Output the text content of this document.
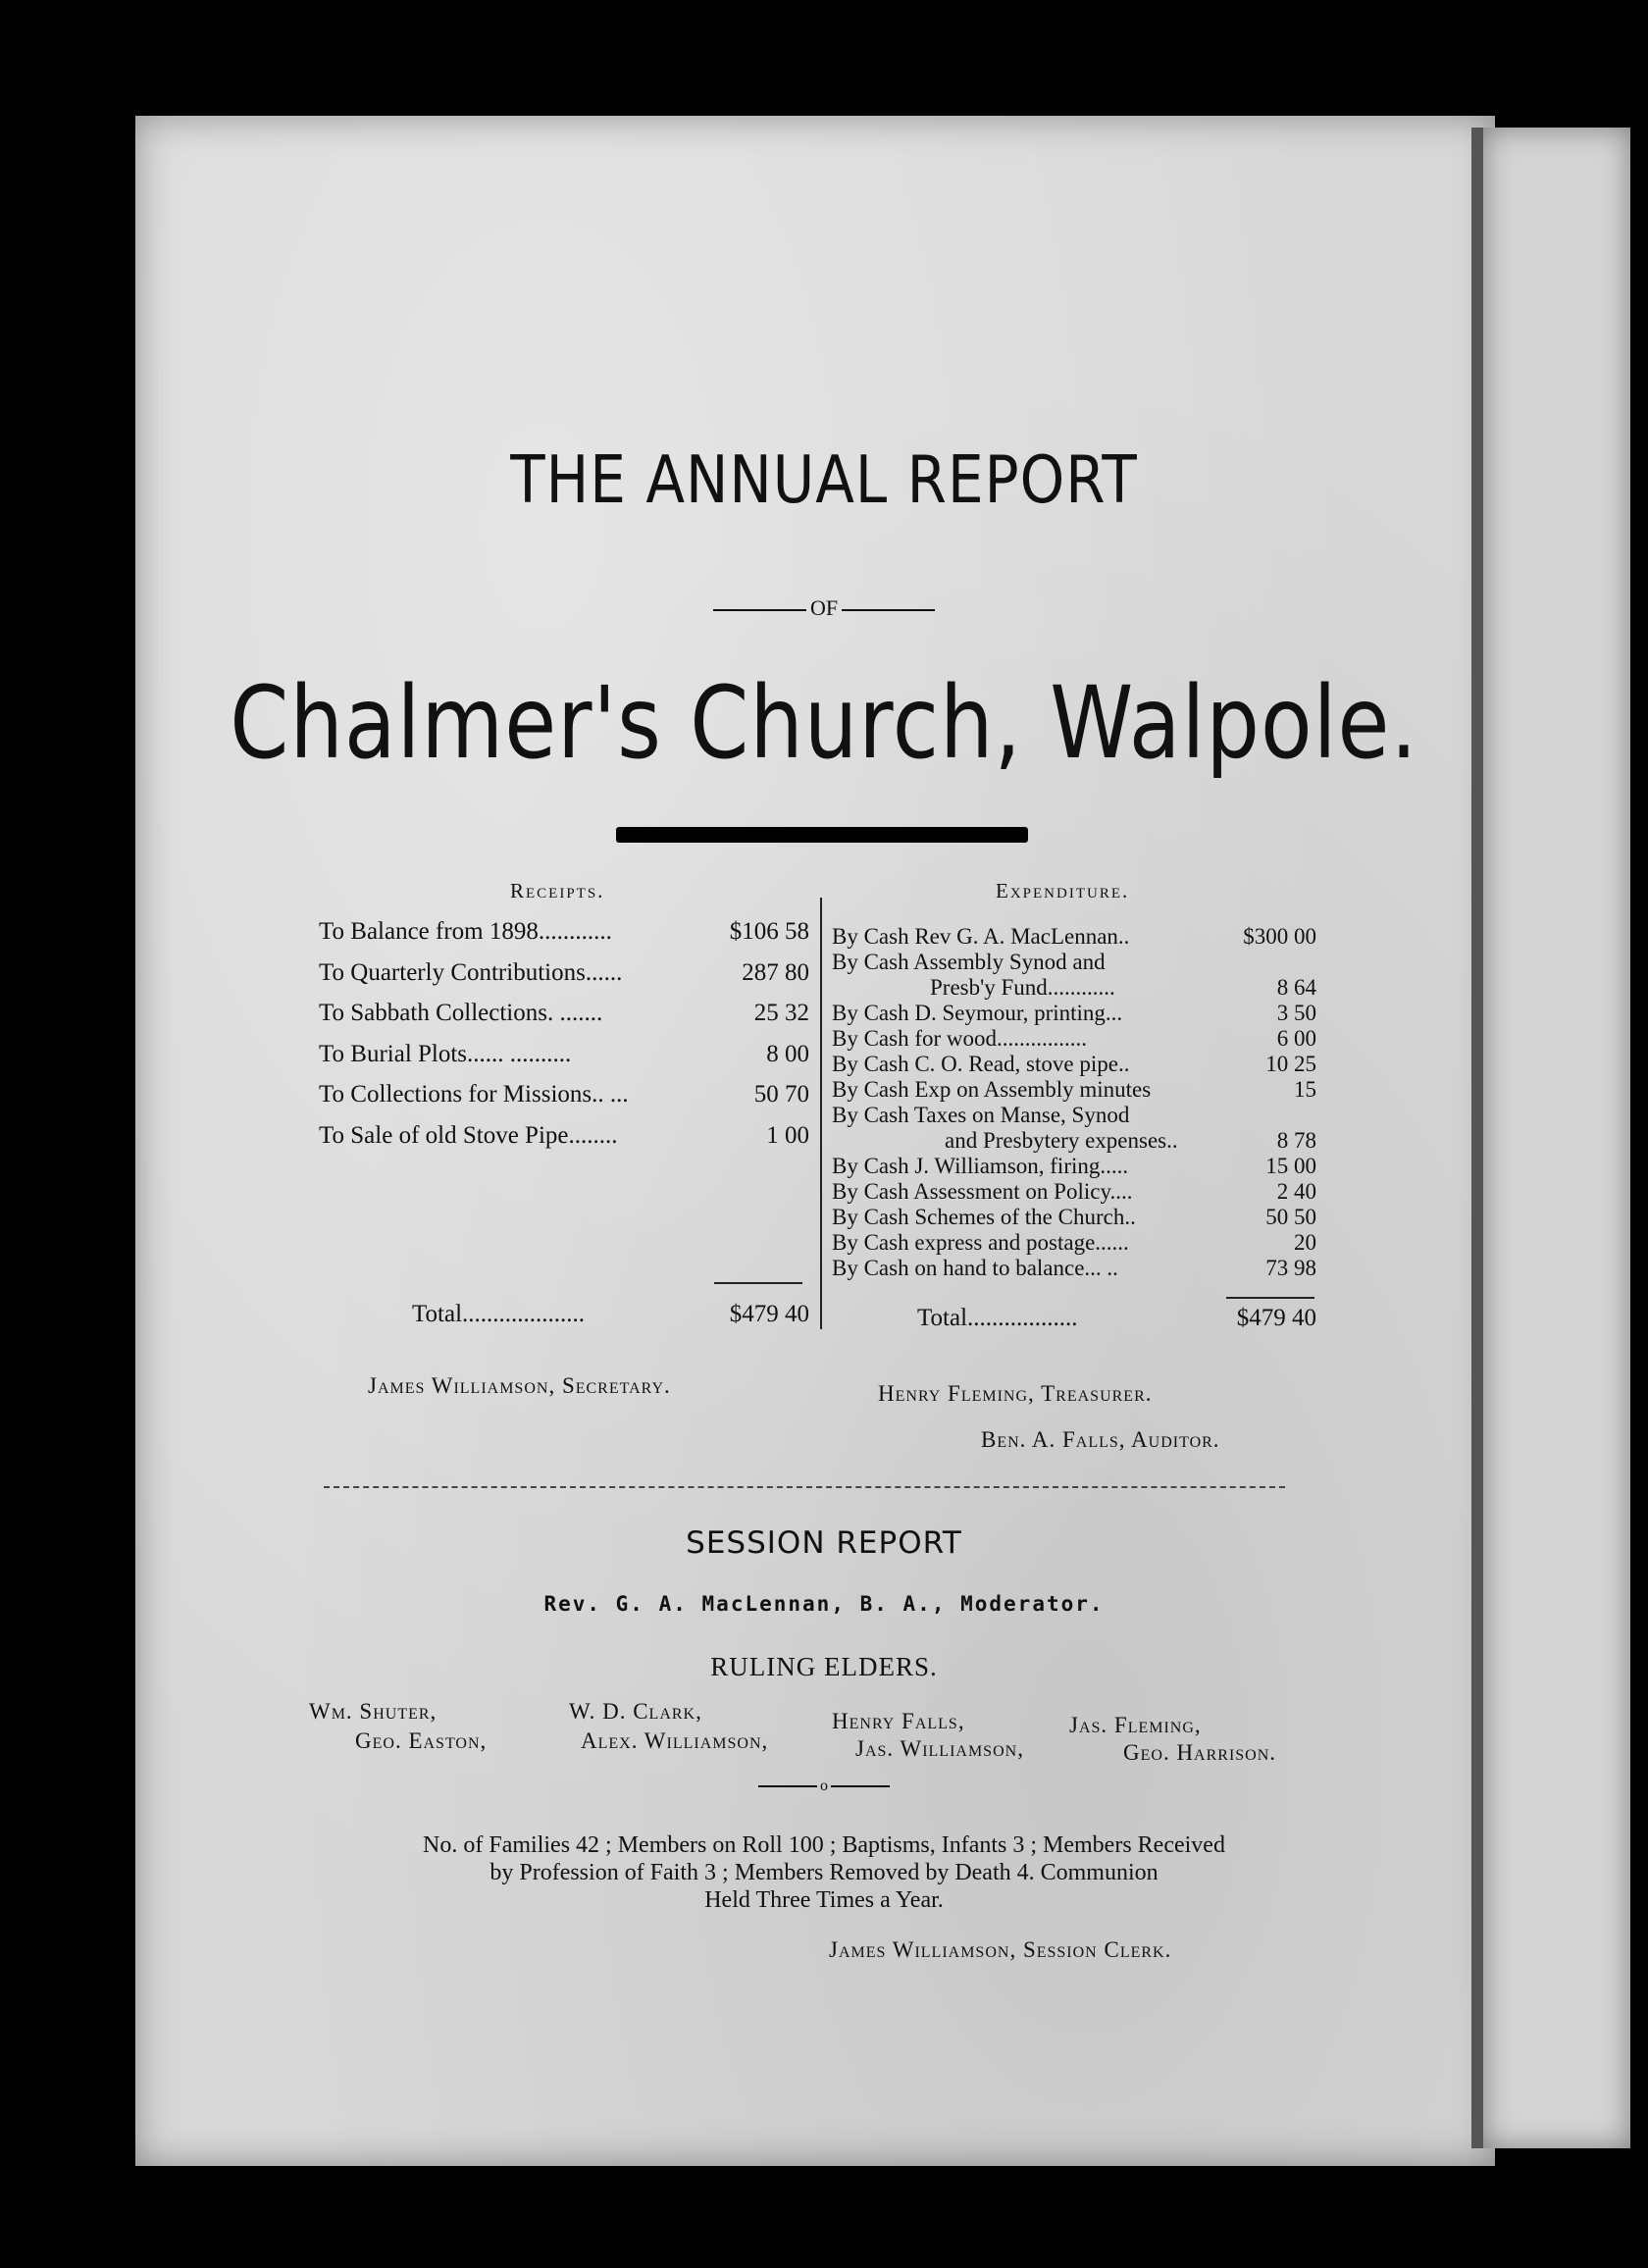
THE ANNUAL REPORT
OF
Chalmer's Church, Walpole.
Receipts.	Expenditure.
To Balance from 1898............	$106 58
To Quarterly Contributions......	287 80
To Sabbath Collections. .......	25 32
To Burial Plots...... ..........	8 00
To Collections for Missions.. ...	50 70
To Sale of old Stove Pipe........	1 00
Total....................	$479 40
By Cash Rev G. A. MacLennan..	$300 00
By Cash Assembly Synod and
Presb'y Fund............	8 64
By Cash D. Seymour, printing...	3 50
By Cash for wood................	6 00
By Cash C. O. Read, stove pipe..	10 25
By Cash Exp on Assembly minutes	15
By Cash Taxes on Manse, Synod
and Presbytery expenses..	8 78
By Cash J. Williamson, firing.....	15 00
By Cash Assessment on Policy....	2 40
By Cash Schemes of the Church..	50 50
By Cash express and postage......	20
By Cash on hand to balance... ..	73 98
Total..................	$479 40
James Williamson, Secretary.	Henry Fleming, Treasurer.
Ben. A. Falls, Auditor.
SESSION REPORT
Rev. G. A. MacLennan, B. A., Moderator.
RULING ELDERS.
Wm. Shuter,
Geo. Easton,
W. D. Clark,
Alex. Williamson,
Henry Falls,
Jas. Williamson,
Jas. Fleming,
Geo. Harrison.
o
No. of Families 42 ; Members on Roll 100 ; Baptisms, Infants 3 ; Members Received
by Profession of Faith 3 ; Members Removed by Death 4. Communion
Held Three Times a Year.
James Williamson, Session Clerk.
